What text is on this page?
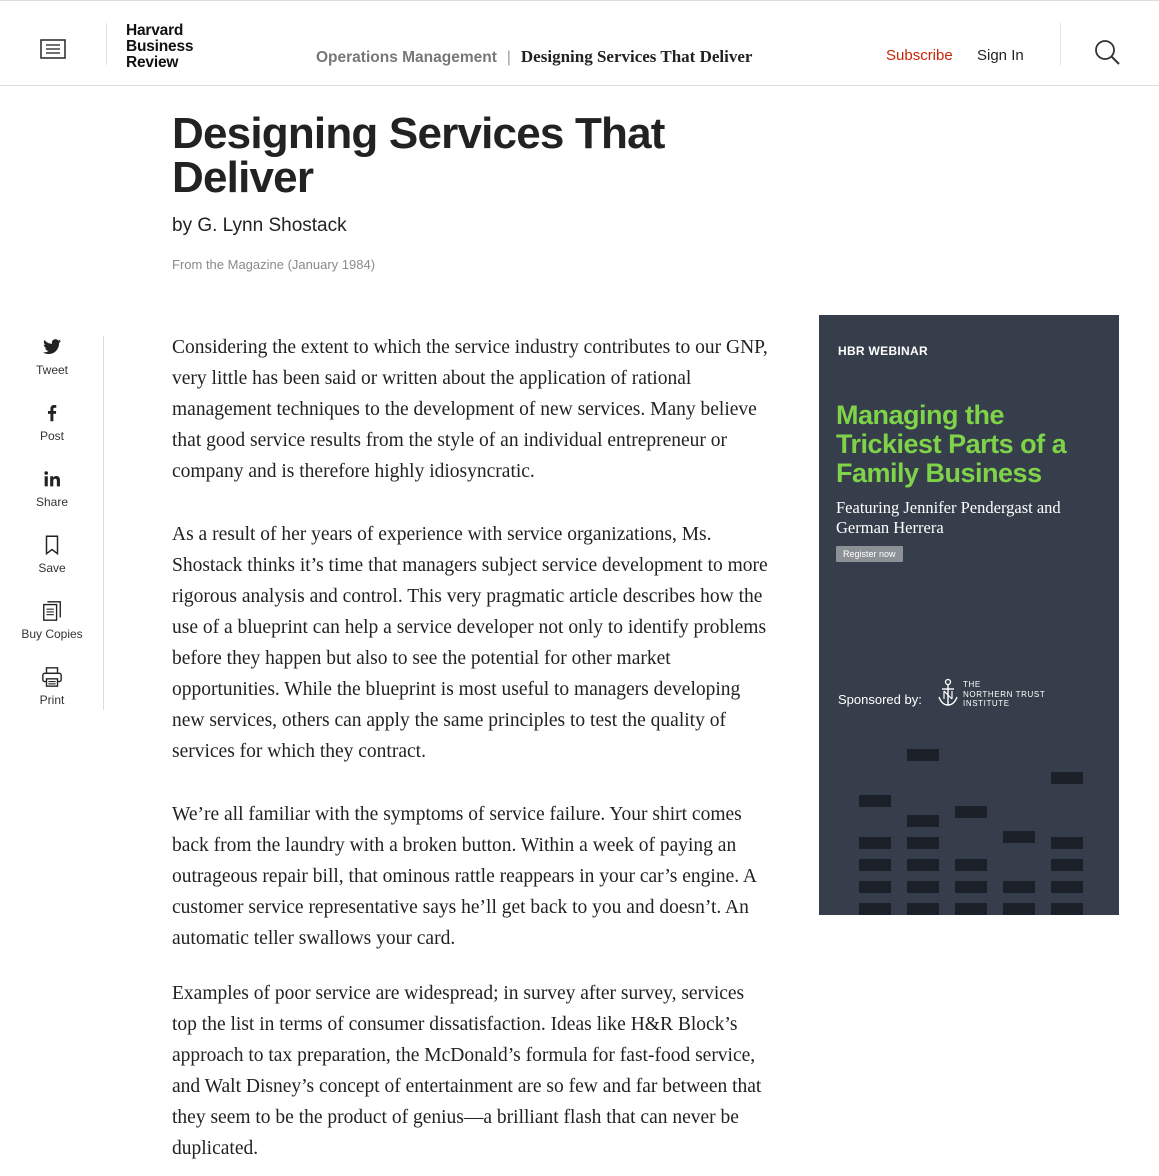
Harvard
Business
Review	Operations Management | Designing Services That Deliver	Subscribe Sign In
Designing Services That Deliver
by G. Lynn Shostack
From the Magazine (January 1984)
Tweet
Post
Share
Save
Buy Copies
Print

Considering the extent to which the service industry contributes to our GNP, very little has been said or written about the application of rational management techniques to the development of new services. Many believe that good service results from the style of an individual entrepreneur or company and is therefore highly idiosyncratic.

As a result of her years of experience with service organizations, Ms. Shostack thinks it’s time that managers subject service development to more rigorous analysis and control. This very pragmatic article describes how the use of a blueprint can help a service developer not only to identify problems before they happen but also to see the potential for other market opportunities. While the blueprint is most useful to managers developing new services, others can apply the same principles to test the quality of services for which they contract.

We’re all familiar with the symptoms of service failure. Your shirt comes back from the laundry with a broken button. Within a week of paying an outrageous repair bill, that ominous rattle reappears in your car’s engine. A customer service representative says he’ll get back to you and doesn’t. An automatic teller swallows your card.

Examples of poor service are widespread; in survey after survey, services top the list in terms of consumer dissatisfaction. Ideas like H&R Block’s approach to tax preparation, the McDonald’s formula for fast-food service, and Walt Disney’s concept of entertainment are so few and far between that they seem to be the product of genius—a brilliant flash that can never be duplicated.

HBR WEBINAR
Managing the Trickiest Parts of a Family Business
Featuring Jennifer Pendergast and German Herrera
Register now
Sponsored by:
THE
NORTHERN TRUST
INSTITUTE
